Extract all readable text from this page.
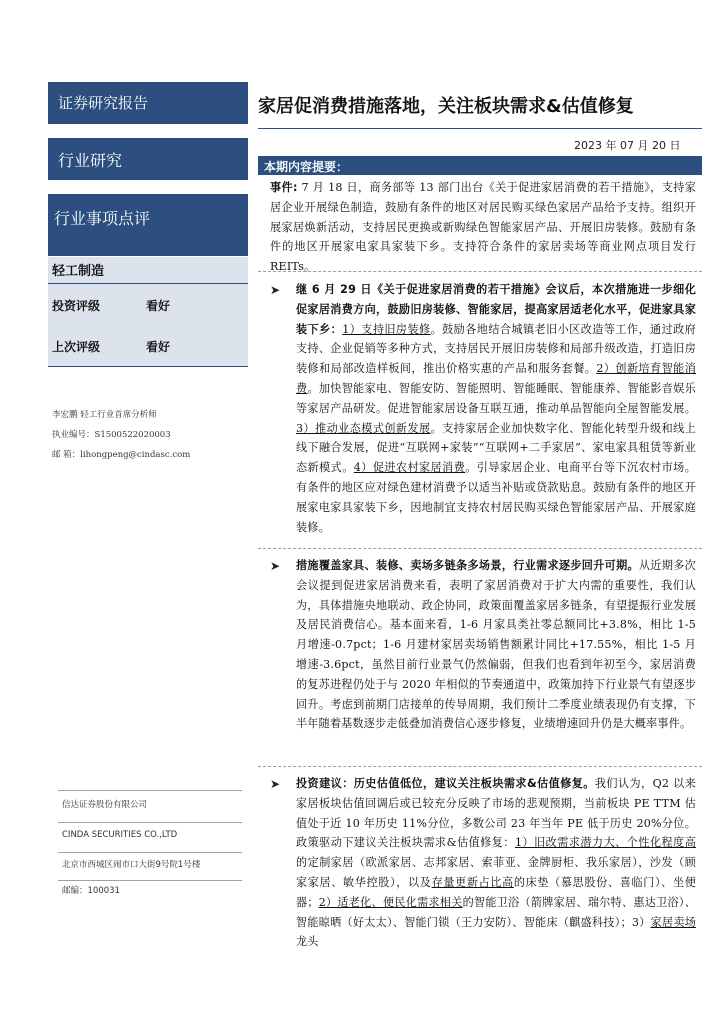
证券研究报告
行业研究
行业事项点评
轻工制造
投资评级	看好
上次评级	看好
李宏鹏 轻工行业首席分析师
执业编号：S1500522020003
邮 箱：lihongpeng@cindasc.com
信达证券股份有限公司
CINDA SECURITIES CO.,LTD
北京市西城区闹市口大街9号院1号楼
邮编：100031
家居促消费措施落地，关注板块需求&估值修复
2023 年 07 月 20 日
本期内容提要：
事件: 7 月 18 日，商务部等 13 部门出台《关于促进家居消费的若干措施》，支持家居企业开展绿色制造，鼓励有条件的地区对居民购买绿色家居产品给予支持。组织开展家居焕新活动，支持居民更换或新购绿色智能家居产品、开展旧房装修。鼓励有条件的地区开展家电家具家装下乡。支持符合条件的家居卖场等商业网点项目发行 REITs。
➤ 继 6 月 29 日《关于促进家居消费的若干措施》会议后，本次措施进一步细化促家居消费方向，鼓励旧房装修、智能家居，提高家居适老化水平，促进家具家装下乡：1）支持旧房装修。鼓励各地结合城镇老旧小区改造等工作，通过政府支持、企业促销等多种方式，支持居民开展旧房装修和局部升级改造，打造旧房装修和局部改造样板间，推出价格实惠的产品和服务套餐。2）创新培育智能消费。加快智能家电、智能安防、智能照明、智能睡眠、智能康养、智能影音娱乐等家居产品研发。促进智能家居设备互联互通，推动单品智能向全屋智能发展。3）推动业态模式创新发展。支持家居企业加快数字化、智能化转型升级和线上线下融合发展，促进“互联网+家装”“互联网+二手家居”、家电家具租赁等新业态新模式。4）促进农村家居消费。引导家居企业、电商平台等下沉农村市场。有条件的地区应对绿色建材消费予以适当补贴或贷款贴息。鼓励有条件的地区开展家电家具家装下乡，因地制宜支持农村居民购买绿色智能家居产品、开展家庭装修。
➤ 措施覆盖家具、装修、卖场多链条多场景，行业需求逐步回升可期。从近期多次会议提到促进家居消费来看，表明了家居消费对于扩大内需的重要性，我们认为，具体措施央地联动、政企协同，政策面覆盖家居多链条，有望提振行业发展及居民消费信心。基本面来看，1-6 月家具类社零总额同比+3.8%，相比 1-5 月增速-0.7pct；1-6 月建材家居卖场销售额累计同比+17.55%，相比 1-5 月增速-3.6pct，虽然目前行业景气仍然偏弱，但我们也看到年初至今，家居消费的复苏进程仍处于与 2020 年相似的节奏通道中，政策加持下行业景气有望逐步回升。考虑到前期门店接单的传导周期，我们预计二季度业绩表现仍有支撑，下半年随着基数逐步走低叠加消费信心逐步修复，业绩增速回升仍是大概率事件。
➤ 投资建议：历史估值低位，建议关注板块需求&估值修复。我们认为，Q2 以来家居板块估值回调后或已较充分反映了市场的悲观预期，当前板块 PE TTM 估值处于近 10 年历史 11%分位，多数公司 23 年当年 PE 低于历史 20%分位。政策驱动下建议关注板块需求&估值修复：1）旧改需求潜力大、个性化程度高的定制家居（欧派家居、志邦家居、索菲亚、金牌厨柜、我乐家居），沙发（顾家家居、敏华控股），以及存量更新占比高的床垫（慕思股份、喜临门）、坐便器；2）适老化、便民化需求相关的智能卫浴（箭牌家居、瑞尔特、惠达卫浴）、智能晾晒（好太太）、智能门锁（王力安防）、智能床（麒盛科技）；3）家居卖场龙头
